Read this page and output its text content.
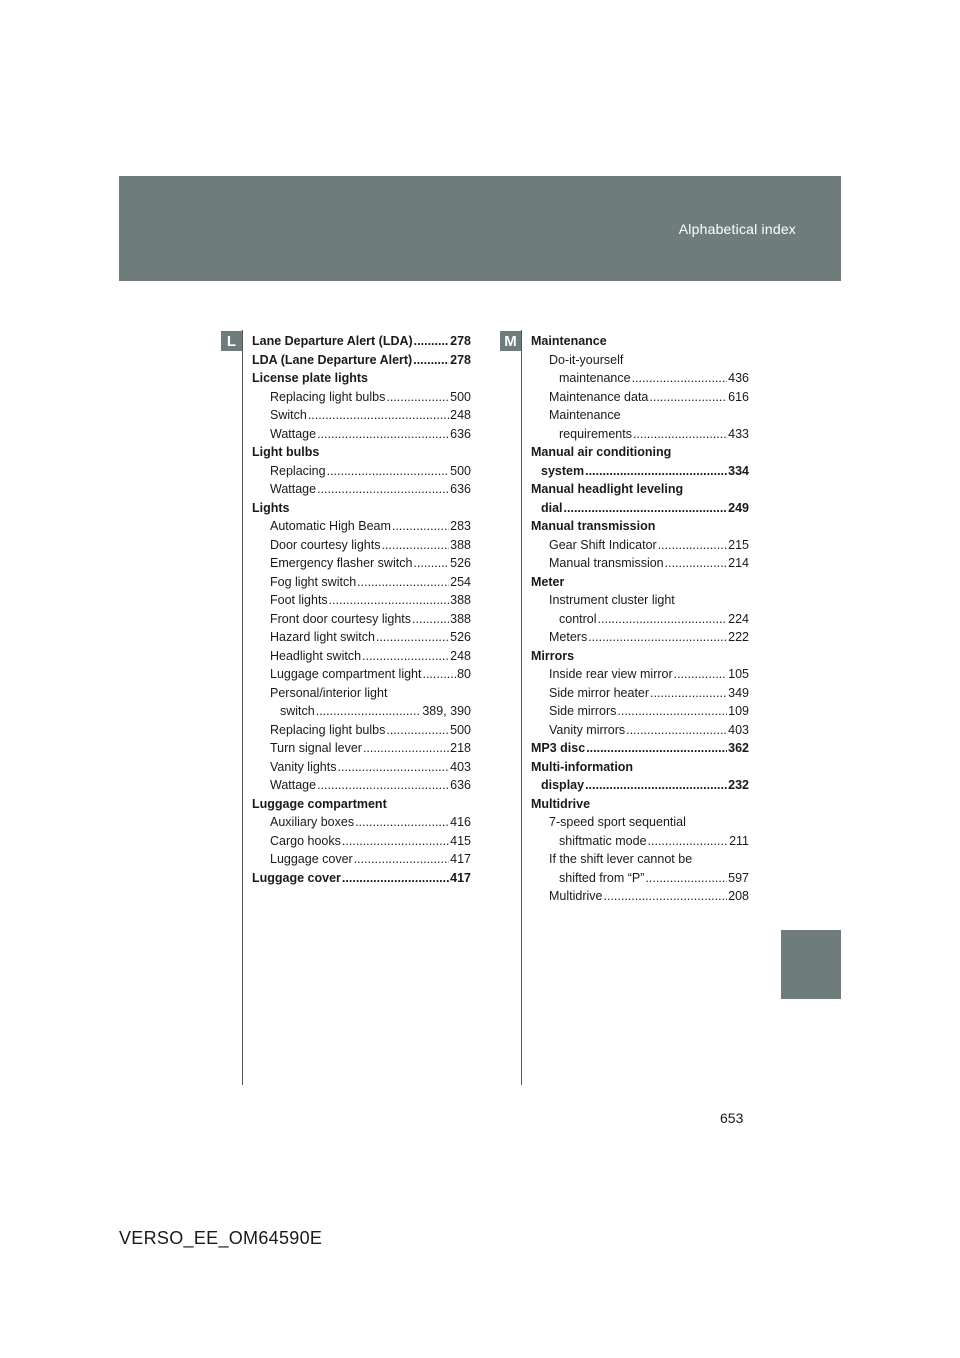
Alphabetical index
L	M
Lane Departure Alert (LDA) .....	278
LDA (Lane Departure Alert) .....	278
License plate lights
Replacing light bulbs .....	500
Switch .....	248
Wattage .....	636
Light bulbs
Replacing .....	500
Wattage .....	636
Lights
Automatic High Beam .....	283
Door courtesy lights .....	388
Emergency flasher switch .....	526
Fog light switch .....	254
Foot lights .....	388
Front door courtesy lights .....	388
Hazard light switch .....	526
Headlight switch .....	248
Luggage compartment light .....	80
Personal/interior light
switch .....	389, 390
Replacing light bulbs .....	500
Turn signal lever .....	218
Vanity lights .....	403
Wattage .....	636
Luggage compartment
Auxiliary boxes .....	416
Cargo hooks .....	415
Luggage cover .....	417
Luggage cover .....	417
Maintenance
Do-it-yourself
maintenance .....	436
Maintenance data .....	616
Maintenance
requirements .....	433
Manual air conditioning
system .....	334
Manual headlight leveling
dial .....	249
Manual transmission
Gear Shift Indicator .....	215
Manual transmission .....	214
Meter
Instrument cluster light
control .....	224
Meters .....	222
Mirrors
Inside rear view mirror .....	105
Side mirror heater .....	349
Side mirrors .....	109
Vanity mirrors .....	403
MP3 disc .....	362
Multi-information
display .....	232
Multidrive
7-speed sport sequential
shiftmatic mode .....	211
If the shift lever cannot be
shifted from “P” .....	597
Multidrive .....	208
653
VERSO_EE_OM64590E
